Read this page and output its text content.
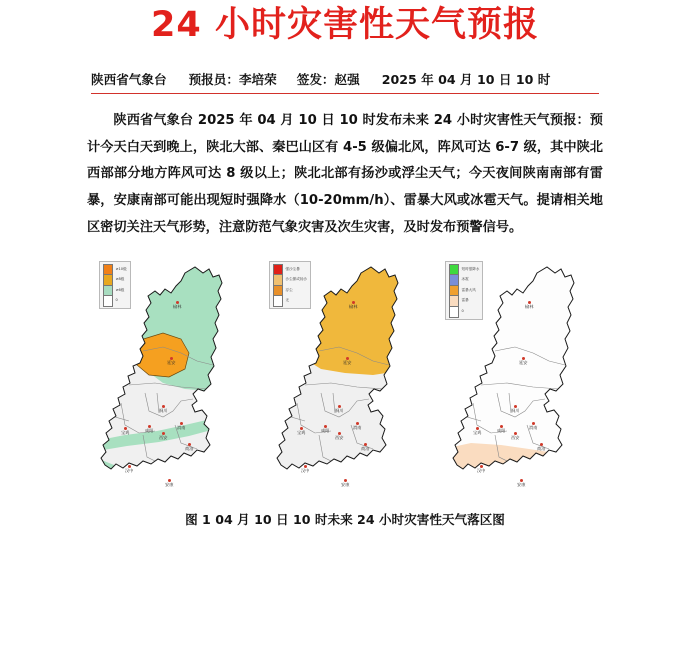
24 小时灾害性天气预报
陕西省气象台 预报员：李培荣 签发：赵强 2025 年 04 月 10 日 10 时

陕西省气象台 2025 年 04 月 10 日 10 时发布未来 24 小时灾害性天气预报：预计今天白天到晚上，陕北大部、秦巴山区有 4-5 级偏北风，阵风可达 6-7 级，其中陕北西部部分地方阵风可达 8 级以上；陕北北部有扬沙或浮尘天气；今天夜间陕南南部有雷暴，安康南部可能出现短时强降水（10-20mm/h）、雷暴大风或冰雹天气。提请相关地区密切关注天气形势，注意防范气象灾害及次生灾害，及时发布预警信号。

≥10级
≥8级
≥6级
0
榆林
延安
铜川
宝鸡	咸阳
西安
渭南
商洛
汉中
安康
强沙尘暴
沙尘暴或扬沙
浮尘
无
榆林
延安
铜川
宝鸡	咸阳
西安
渭南
商洛
汉中
安康
短时强降水
冰雹
雷暴大风
雷暴
0
榆林
延安
铜川
宝鸡	咸阳
西安
渭南
商洛
汉中
安康
图 1 04 月 10 日 10 时未来 24 小时灾害性天气落区图
